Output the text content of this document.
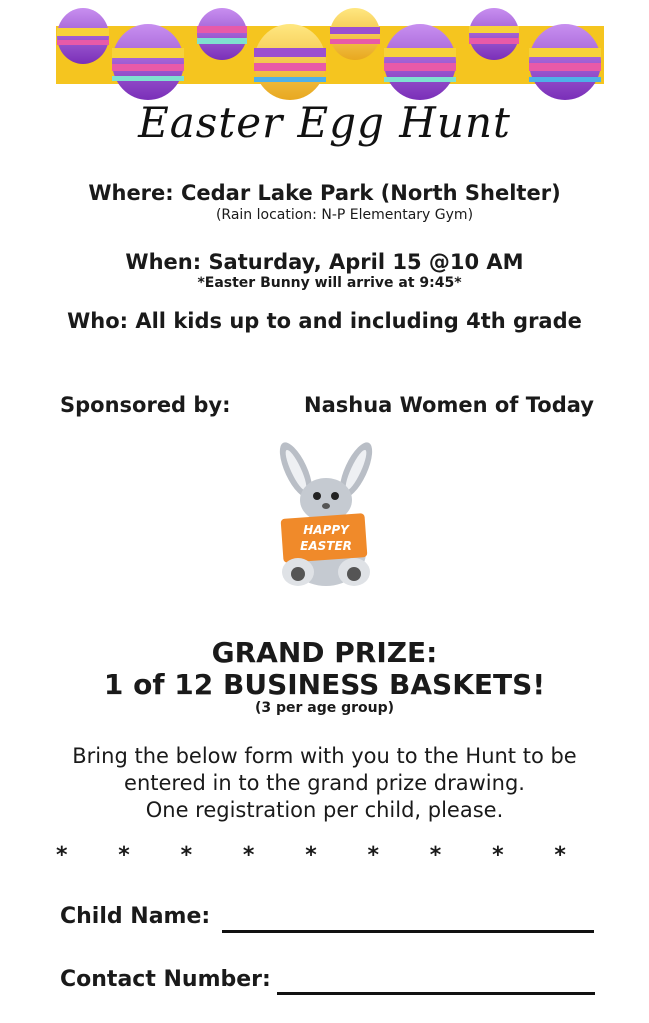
Easter Egg Hunt
Where: Cedar Lake Park (North Shelter)
(Rain location: N-P Elementary Gym)
When: Saturday, April 15 @10 AM
*Easter Bunny will arrive at 9:45*
Who: All kids up to and including 4th grade
Sponsored by:	Nashua Women of Today
HAPPY
EASTER
GRAND PRIZE:
1 of 12 BUSINESS BASKETS!
(3 per age group)
Bring the below form with you to the Hunt to be
entered in to the grand prize drawing.
One registration per child, please.
* * * * * * * * *
Child Name:
Contact Number:
